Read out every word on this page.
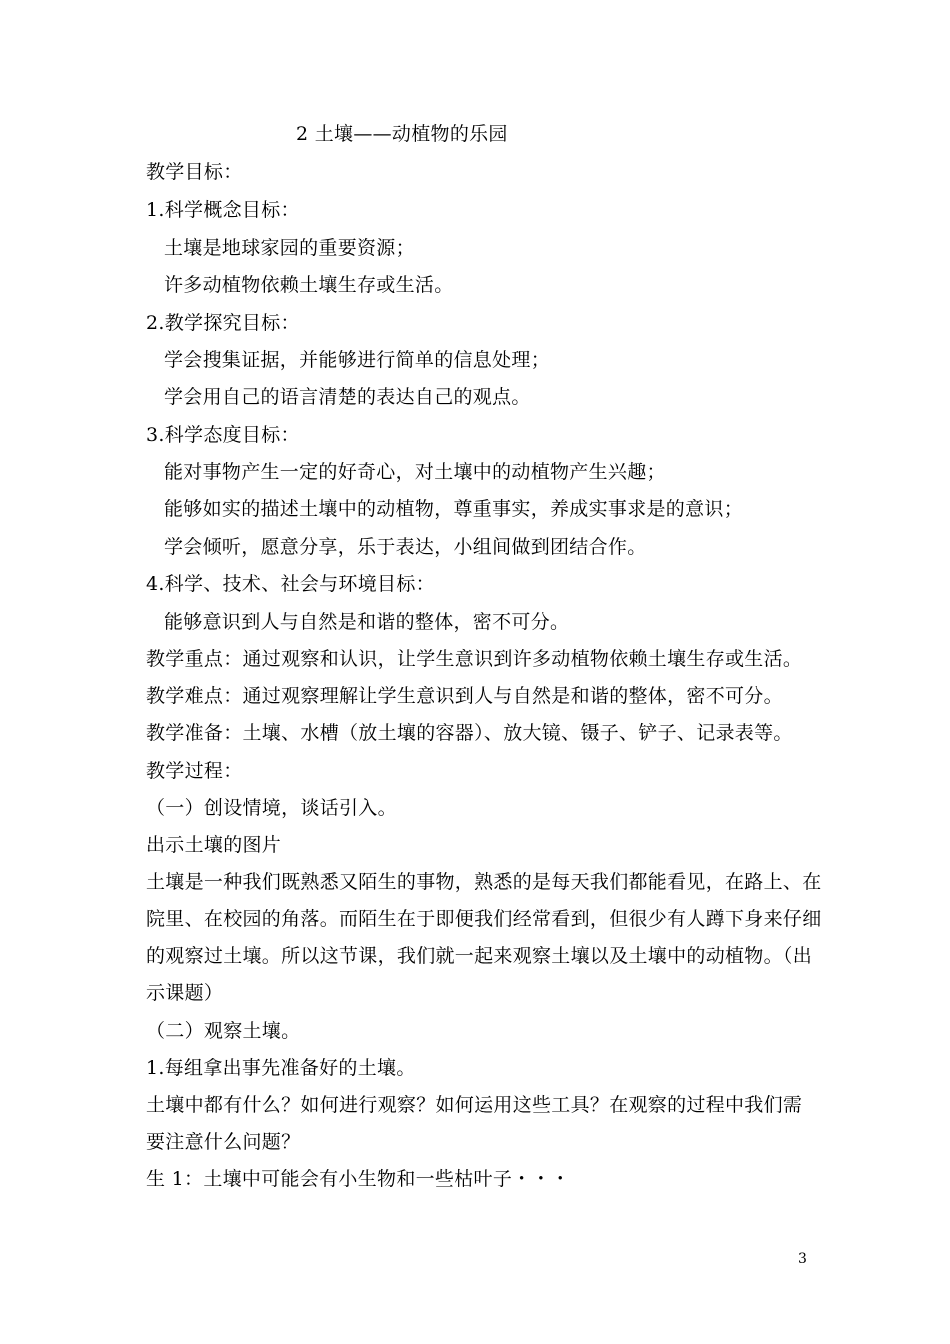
2 土壤——动植物的乐园
教学目标：
1.科学概念目标：
土壤是地球家园的重要资源；
许多动植物依赖土壤生存或生活。
2.教学探究目标：
学会搜集证据，并能够进行简单的信息处理；
学会用自己的语言清楚的表达自己的观点。
3.科学态度目标：
能对事物产生一定的好奇心，对土壤中的动植物产生兴趣；
能够如实的描述土壤中的动植物，尊重事实，养成实事求是的意识；
学会倾听，愿意分享，乐于表达，小组间做到团结合作。
4.科学、技术、社会与环境目标：
能够意识到人与自然是和谐的整体，密不可分。
教学重点：通过观察和认识，让学生意识到许多动植物依赖土壤生存或生活。
教学难点：通过观察理解让学生意识到人与自然是和谐的整体，密不可分。
教学准备：土壤、水槽（放土壤的容器）、放大镜、镊子、铲子、记录表等。
教学过程：
（一）创设情境，谈话引入。
出示土壤的图片
土壤是一种我们既熟悉又陌生的事物，熟悉的是每天我们都能看见，在路上、在
院里、在校园的角落。而陌生在于即便我们经常看到，但很少有人蹲下身来仔细
的观察过土壤。所以这节课，我们就一起来观察土壤以及土壤中的动植物。（出
示课题）
（二）观察土壤。
1.每组拿出事先准备好的土壤。
土壤中都有什么？如何进行观察？如何运用这些工具？在观察的过程中我们需
要注意什么问题？
生 1：土壤中可能会有小生物和一些枯叶子・・・
3
